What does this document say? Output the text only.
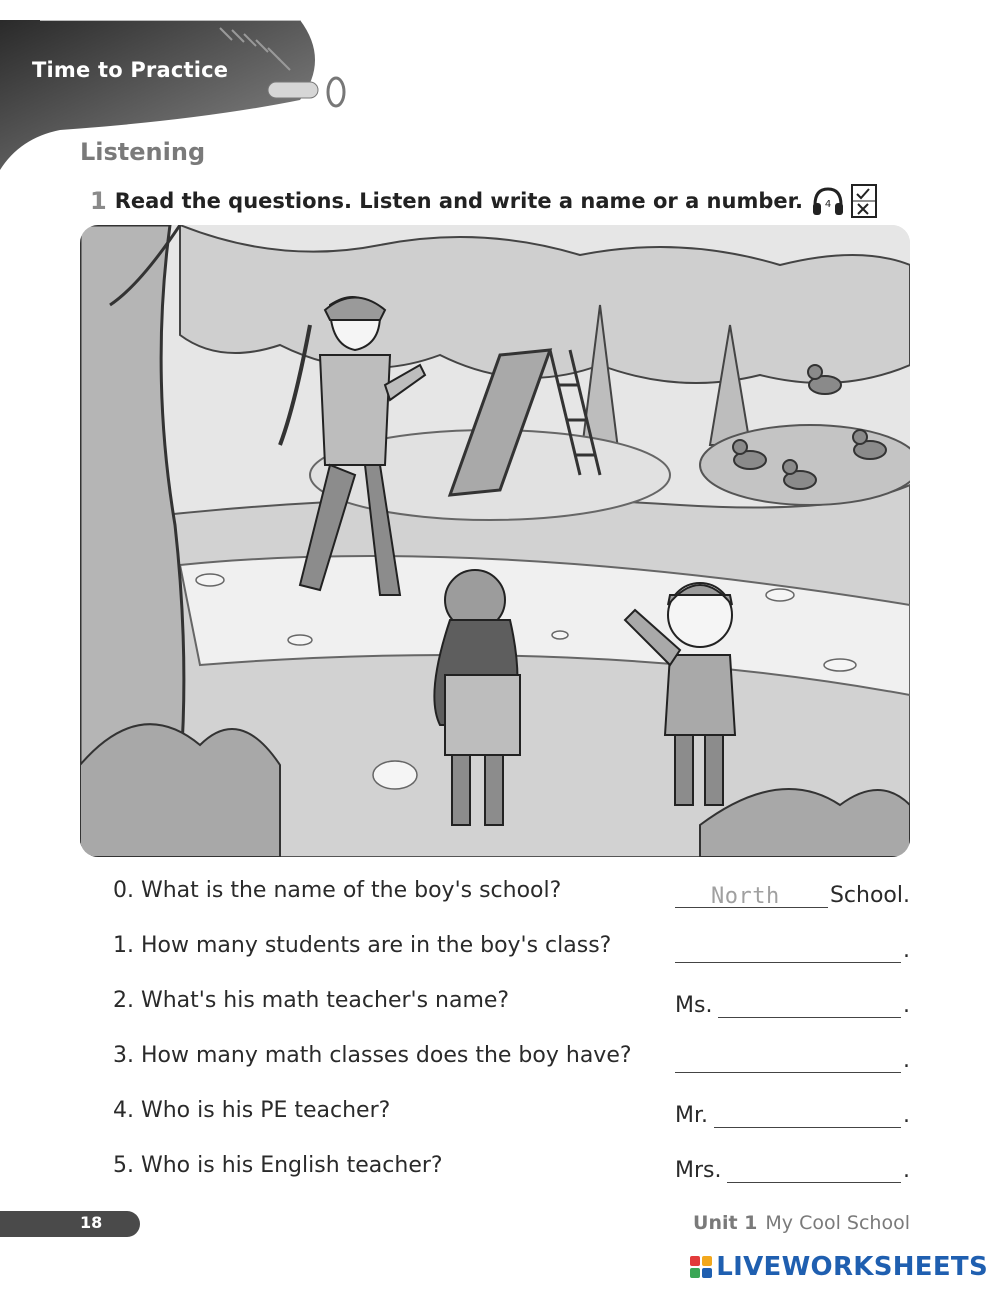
Time to Practice
Listening
1 Read the questions. Listen and write a name or a number. 4
0. What is the name of the boy's school?	North School.
1. How many students are in the boy's class?	.
2. What's his math teacher's name?	Ms.	.
3. How many math classes does the boy have?	.
4. Who is his PE teacher?	Mr.	.
5. Who is his English teacher?	Mrs.	.
18	Unit 1 My Cool School
LIVEWORKSHEETS
